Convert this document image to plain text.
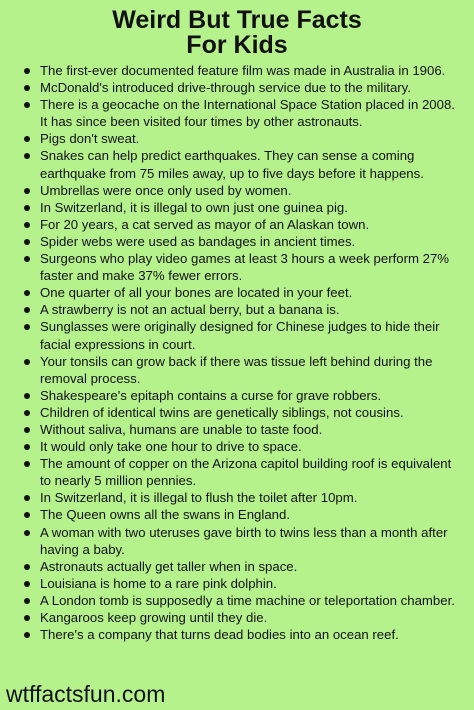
Weird But True Facts
For Kids
The first-ever documented feature film was made in Australia in 1906.
McDonald's introduced drive-through service due to the military.
There is a geocache on the International Space Station placed in 2008. It has since been visited four times by other astronauts.
Pigs don't sweat.
Snakes can help predict earthquakes. They can sense a coming earthquake from 75 miles away, up to five days before it happens.
Umbrellas were once only used by women.
In Switzerland, it is illegal to own just one guinea pig.
For 20 years, a cat served as mayor of an Alaskan town.
Spider webs were used as bandages in ancient times.
Surgeons who play video games at least 3 hours a week perform 27% faster and make 37% fewer errors.
One quarter of all your bones are located in your feet.
A strawberry is not an actual berry, but a banana is.
Sunglasses were originally designed for Chinese judges to hide their facial expressions in court.
Your tonsils can grow back if there was tissue left behind during the removal process.
Shakespeare's epitaph contains a curse for grave robbers.
Children of identical twins are genetically siblings, not cousins.
Without saliva, humans are unable to taste food.
It would only take one hour to drive to space.
The amount of copper on the Arizona capitol building roof is equivalent to nearly 5 million pennies.
In Switzerland, it is illegal to flush the toilet after 10pm.
The Queen owns all the swans in England.
A woman with two uteruses gave birth to twins less than a month after having a baby.
Astronauts actually get taller when in space.
Louisiana is home to a rare pink dolphin.
A London tomb is supposedly a time machine or teleportation chamber.
Kangaroos keep growing until they die.
There's a company that turns dead bodies into an ocean reef.
wtffactsfun.com
